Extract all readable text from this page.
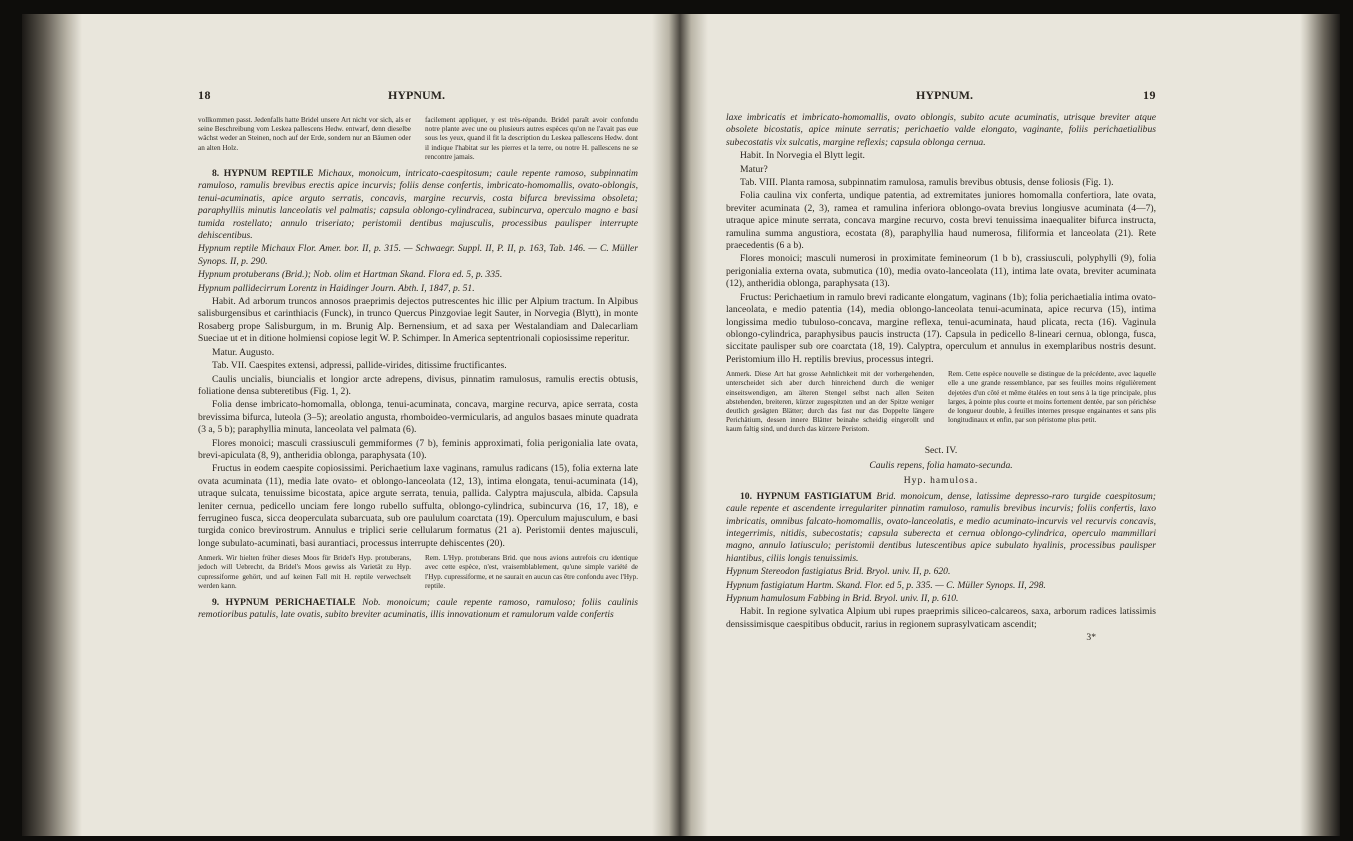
18	HYPNUM.	HYPNUM.	19
vollkommen passt. Jedenfalls hatte Bridel unsere Art nicht vor sich, als er seine Beschreibung vom Leskea pallescens Hedw. entwarf, denn dieselbe wächst weder an Steinen, noch auf der Erde, sondern nur an Bäumen oder an alten Holz.
facilement appliquer, y est très-répandu. Bridel paraît avoir confondu notre plante avec une ou plusieurs autres espèces qu'on ne l'avait pas eue sous les yeux, quand il fit la description du Leskea pallescens Hedw. dont il indique l'habitat sur les pierres et la terre, ou notre H. pallescens ne se rencontre jamais.

8. HYPNUM REPTILE Michaux, monoicum, intricato-caespitosum; caule repente ramoso, subpinnatim ramuloso, ramulis brevibus erectis apice incurvis; foliis dense confertis, imbricato-homomallis, ovato-oblongis, tenui-acuminatis, apice arguto serratis, concavis, margine recurvis, costa bifurca brevissima obsoleta; paraphylliis minutis lanceolatis vel palmatis; capsula oblongo-cylindracea, subincurva, operculo magno e basi tumida rostellato; annulo triseriato; peristomii dentibus majusculis, processibus paulisper interrupte dehiscentibus.

Hypnum reptile Michaux Flor. Amer. bor. II, p. 315. — Schwaegr. Suppl. II, P. II, p. 163, Tab. 146. — C. Müller Synops. II, p. 290.

Hypnum protuberans (Brid.); Nob. olim et Hartman Skand. Flora ed. 5, p. 335.

Hypnum pallidecirrum Lorentz in Haidinger Journ. Abth. I, 1847, p. 51.

Habit. Ad arborum truncos annosos praeprimis dejectos putrescentes hic illic per Alpium tractum. In Alpibus salisburgensibus et carinthiacis (Funck), in trunco Quercus Pinzgoviae legit Sauter, in Norvegia (Blytt), in monte Rosaberg prope Salisburgum, in m. Brunig Alp. Bernensium, et ad saxa per Westalandiam and Dalecarliam Sueciae ut et in ditione holmiensi copiose legit W. P. Schimper. In America septentrionali copiosissime reperitur.

Matur. Augusto.

Tab. VII. Caespites extensi, adpressi, pallide-virides, ditissime fructificantes.

Caulis uncialis, biuncialis et longior arcte adrepens, divisus, pinnatim ramulosus, ramulis erectis obtusis, foliatione densa subteretibus (Fig. 1, 2).

Folia dense imbricato-homomalla, oblonga, tenui-acuminata, concava, margine recurva, apice serrata, costa brevissima bifurca, luteola (3–5); areolatio angusta, rhomboideo-vermicularis, ad angulos basaes minute quadrata (3 a, 5 b); paraphyllia minuta, lanceolata vel palmata (6).

Flores monoici; masculi crassiusculi gemmiformes (7 b), feminis approximati, folia perigonialia late ovata, brevi-apiculata (8, 9), antheridia oblonga, paraphysata (10).

Fructus in eodem caespite copiosissimi. Perichaetium laxe vaginans, ramulus radicans (15), folia externa late ovata acuminata (11), media late ovato- et oblongo-lanceolata (12, 13), intima elongata, tenui-acuminata (14), utraque sulcata, tenuissime bicostata, apice argute serrata, tenuia, pallida. Calyptra majuscula, albida. Capsula leniter cernua, pedicello unciam fere longo rubello suffulta, oblongo-cylindrica, subincurva (16, 17, 18), e ferrugineo fusca, sicca deoperculata subarcuata, sub ore paululum coarctata (19). Operculum majusculum, e basi turgida conico brevirostrum. Annulus e triplici serie cellularum formatus (21 a). Peristomii dentes majusculi, longe subulato-acuminati, basi aurantiaci, processus interrupte dehiscentes (20).

Anmerk. Wir hielten früher dieses Moos für Bridel's Hyp. protuberans, jedoch will Uebrecht, da Bridel's Moos gewiss als Varietät zu Hyp. cupressiforme gehört, und auf keinen Fall mit H. reptile verwechselt werden kann.
Rem. L'Hyp. protuberans Brid. que nous avions autrefois cru identique avec cette espèce, n'est, vraisemblablement, qu'une simple variété de l'Hyp. cupressiforme, et ne saurait en aucun cas être confondu avec l'Hyp. reptile.

9. HYPNUM PERICHAETIALE Nob. monoicum; caule repente ramoso, ramuloso; foliis caulinis remotioribus patulis, late ovatis, subito breviter acuminatis, illis innovationum et ramulorum valde confertis

laxe imbricatis et imbricato-homomallis, ovato oblongis, subito acute acuminatis, utrisque breviter atque obsolete bicostatis, apice minute serratis; perichaetio valde elongato, vaginante, foliis perichaetialibus subecostatis vix sulcatis, margine reflexis; capsula oblonga cernua.

Habit. In Norvegia el Blytt legit.

Matur?

Tab. VIII. Planta ramosa, subpinnatim ramulosa, ramulis brevibus obtusis, dense foliosis (Fig. 1).

Folia caulina vix conferta, undique patentia, ad extremitates juniores homomalla confertiora, late ovata, breviter acuminata (2, 3), ramea et ramulina inferiora oblongo-ovata brevius longiusve acuminata (4—7), utraque apice minute serrata, concava margine recurvo, costa brevi tenuissima inaequaliter bifurca instructa, ramulina summa angustiora, ecostata (8), paraphyllia haud numerosa, filiformia et lanceolata (21). Rete praecedentis (6 a b).

Flores monoici; masculi numerosi in proximitate femineorum (1 b b), crassiusculi, polyphylli (9), folia perigonialia externa ovata, submutica (10), media ovato-lanceolata (11), intima late ovata, breviter acuminata (12), antheridia oblonga, paraphysata (13).

Fructus: Perichaetium in ramulo brevi radicante elongatum, vaginans (1b); folia perichaetialia intima ovato-lanceolata, e medio patentia (14), media oblongo-lanceolata tenui-acuminata, apice recurva (15), intima longissima medio tubuloso-concava, margine reflexa, tenui-acuminata, haud plicata, recta (16). Vaginula oblongo-cylindrica, paraphysibus paucis instructa (17). Capsula in pedicello 8-lineari cernua, oblonga, fusca, siccitate paulisper sub ore coarctata (18, 19). Calyptra, operculum et annulus in exemplaribus nostris desunt. Peristomium illo H. reptilis brevius, processus integri.

Anmerk. Diese Art hat grosse Aehnlichkeit mit der vorhergehenden, unterscheidet sich aber durch hinreichend durch die weniger einseitswendigen, am älteren Stengel selbst nach allen Seiten abstehenden, breiteren, kürzer zugespitzten und an der Spitze weniger deutlich gesägten Blätter; durch das fast nur das Doppelte längere Perichätium, dessen innere Blätter beinahe scheidig eingerollt und kaum faltig sind, und durch das kürzere Peristom.
Rem. Cette espèce nouvelle se distingue de la précédente, avec laquelle elle a une grande ressemblance, par ses feuilles moins régulièrement dejetées d'un côté et même étalées en tout sens à la tige principale, plus larges, à pointe plus courte et moins fortement dentée, par son périchèse de longueur double, à feuilles internes presque engainantes et sans plis longitudinaux et enfin, par son péristome plus petit.

Sect. IV.

Caulis repens, folia hamato-secunda.

Hyp. hamulosa.

10. HYPNUM FASTIGIATUM Brid. monoicum, dense, latissime depresso-raro turgide caespitosum; caule repente et ascendente irregulariter pinnatim ramuloso, ramulis brevibus incurvis; foliis confertis, laxo imbricatis, omnibus falcato-homomallis, ovato-lanceolatis, e medio acuminato-incurvis vel recurvis concavis, integerrimis, nitidis, subecostatis; capsula suberecta et cernua oblongo-cylindrica, operculo mammillari magno, annulo latiusculo; peristomii dentibus lutescentibus apice subulato hyalinis, processibus paulisper hiantibus, ciliis longis tenuissimis.

Hypnum Stereodon fastigiatus Brid. Bryol. univ. II, p. 620.

Hypnum fastigiatum Hartm. Skand. Flor. ed 5, p. 335. — C. Müller Synops. II, 298.

Hypnum hamulosum Fabbing in Brid. Bryol. univ. II, p. 610.

Habit. In regione sylvatica Alpium ubi rupes praeprimis siliceo-calcareos, saxa, arborum radices latissimis densissimisque caespitibus obducit, rarius in regionem suprasylvaticam ascendit;

3*
